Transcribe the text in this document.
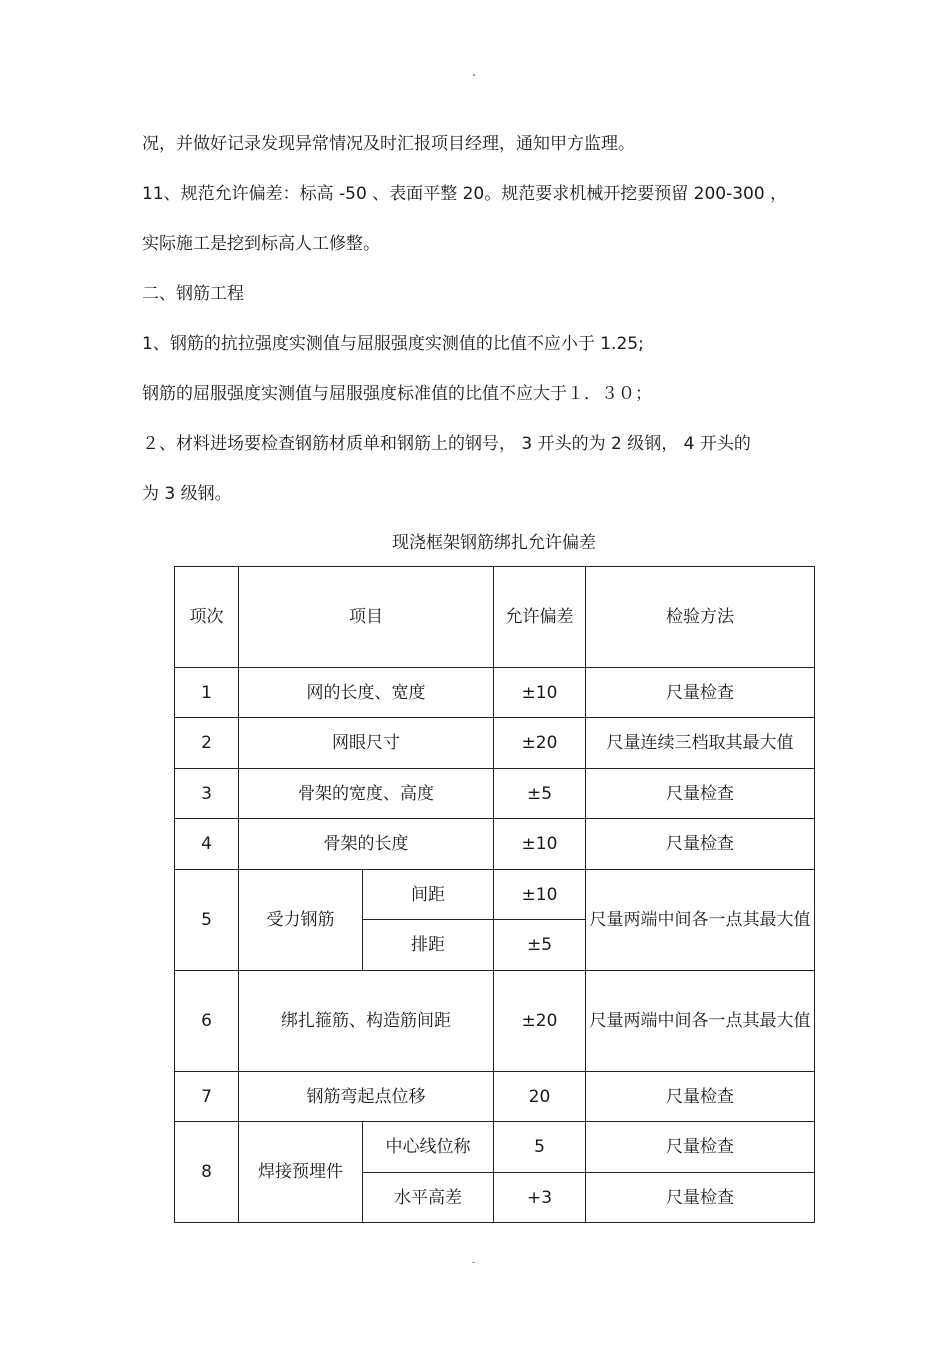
况，并做好记录发现异常情况及时汇报项目经理，通知甲方监理。
11、规范允许偏差：标高 -50 、表面平整 20。规范要求机械开挖要预留 200-300 ，
实际施工是挖到标高人工修整。
二、钢筋工程
1、钢筋的抗拉强度实测值与屈服强度实测值的比值不应小于 1.25;
钢筋的屈服强度实测值与屈服强度标准值的比值不应大于１．３０；
２、材料进场要检查钢筋材质单和钢筋上的钢号， 3 开头的为 2 级钢， 4 开头的
为 3 级钢。
现浇框架钢筋绑扎允许偏差
项次	项目		允许偏差	检验方法
1	网的长度、宽度		±10	尺量检查
2	网眼尺寸		±20	尺量连续三档取其最大值
3	骨架的宽度、高度		±5	尺量检查
4	骨架的长度		±10	尺量检查
5	受力钢筋	间距	±10	尺量两端中间各一点其最大值
		排距	±5	
6	绑扎箍筋、构造筋间距		±20	尺量两端中间各一点其最大值
7	钢筋弯起点位移		20	尺量检查
8	焊接预埋件	中心线位称	5	尺量检查
		水平高差	+3	尺量检查
